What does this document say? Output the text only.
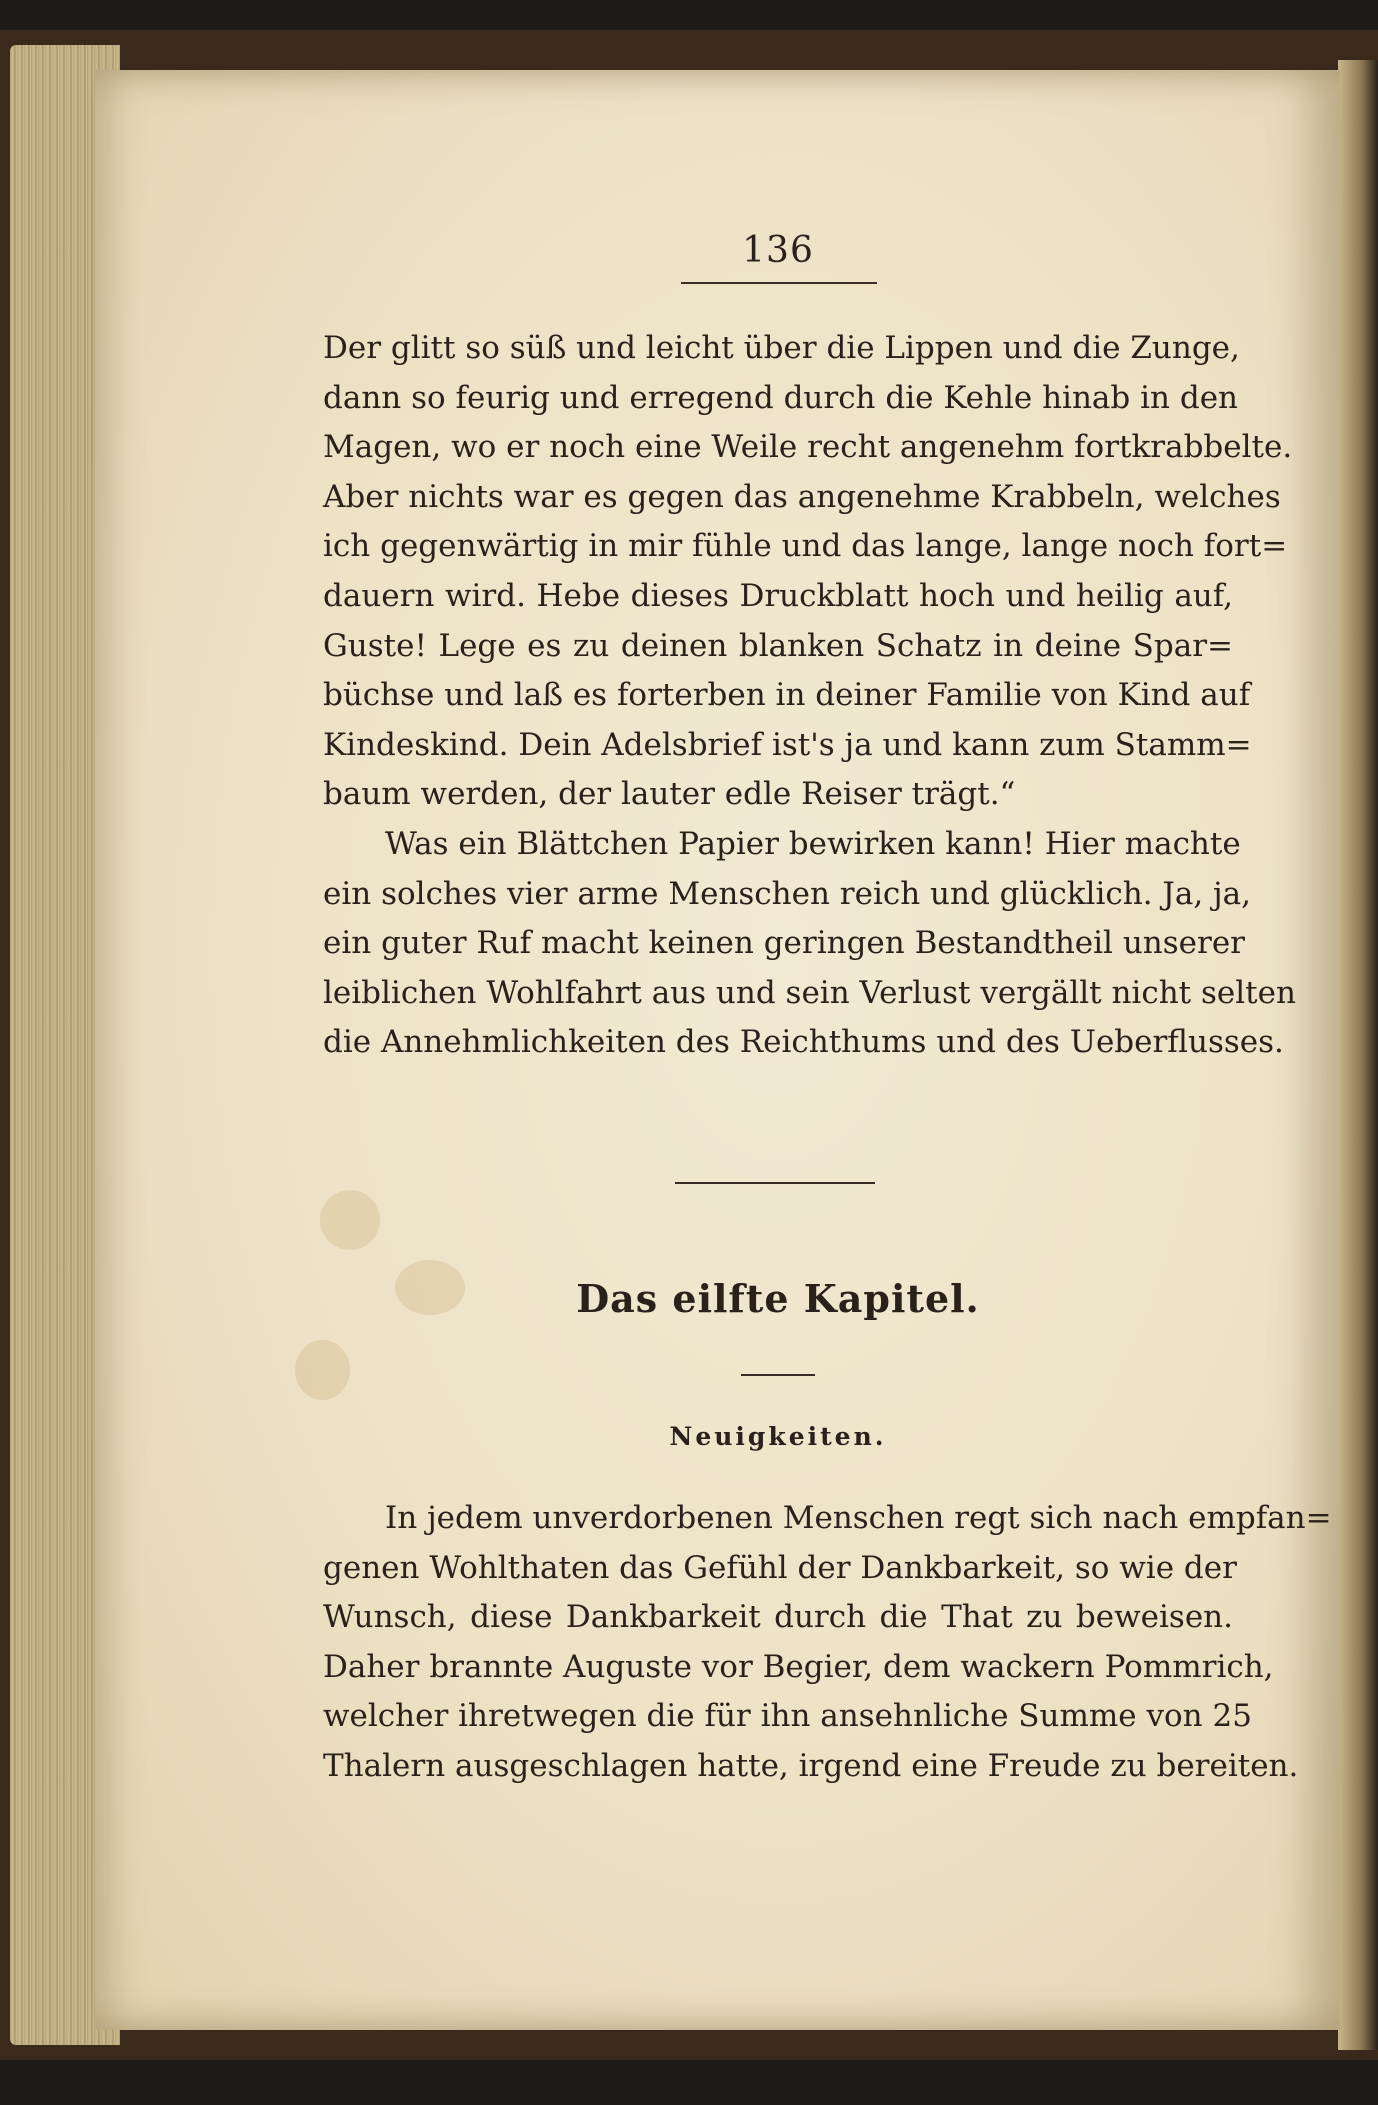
136
Der glitt so süß und leicht über die Lippen und die Zunge,
dann so feurig und erregend durch die Kehle hinab in den
Magen, wo er noch eine Weile recht angenehm fortkrabbelte.
Aber nichts war es gegen das angenehme Krabbeln, welches
ich gegenwärtig in mir fühle und das lange, lange noch fort=
dauern wird. Hebe dieses Druckblatt hoch und heilig auf,
Guste! Lege es zu deinen blanken Schatz in deine Spar=
büchse und laß es forterben in deiner Familie von Kind auf
Kindeskind. Dein Adelsbrief ist's ja und kann zum Stamm=
baum werden, der lauter edle Reiser trägt.“
Was ein Blättchen Papier bewirken kann! Hier machte
ein solches vier arme Menschen reich und glücklich. Ja, ja,
ein guter Ruf macht keinen geringen Bestandtheil unserer
leiblichen Wohlfahrt aus und sein Verlust vergällt nicht selten
die Annehmlichkeiten des Reichthums und des Ueberflusses.
Das eilfte Kapitel.
Neuigkeiten.
In jedem unverdorbenen Menschen regt sich nach empfan=
genen Wohlthaten das Gefühl der Dankbarkeit, so wie der
Wunsch, diese Dankbarkeit durch die That zu beweisen.
Daher brannte Auguste vor Begier, dem wackern Pommrich,
welcher ihretwegen die für ihn ansehnliche Summe von 25
Thalern ausgeschlagen hatte, irgend eine Freude zu bereiten.
